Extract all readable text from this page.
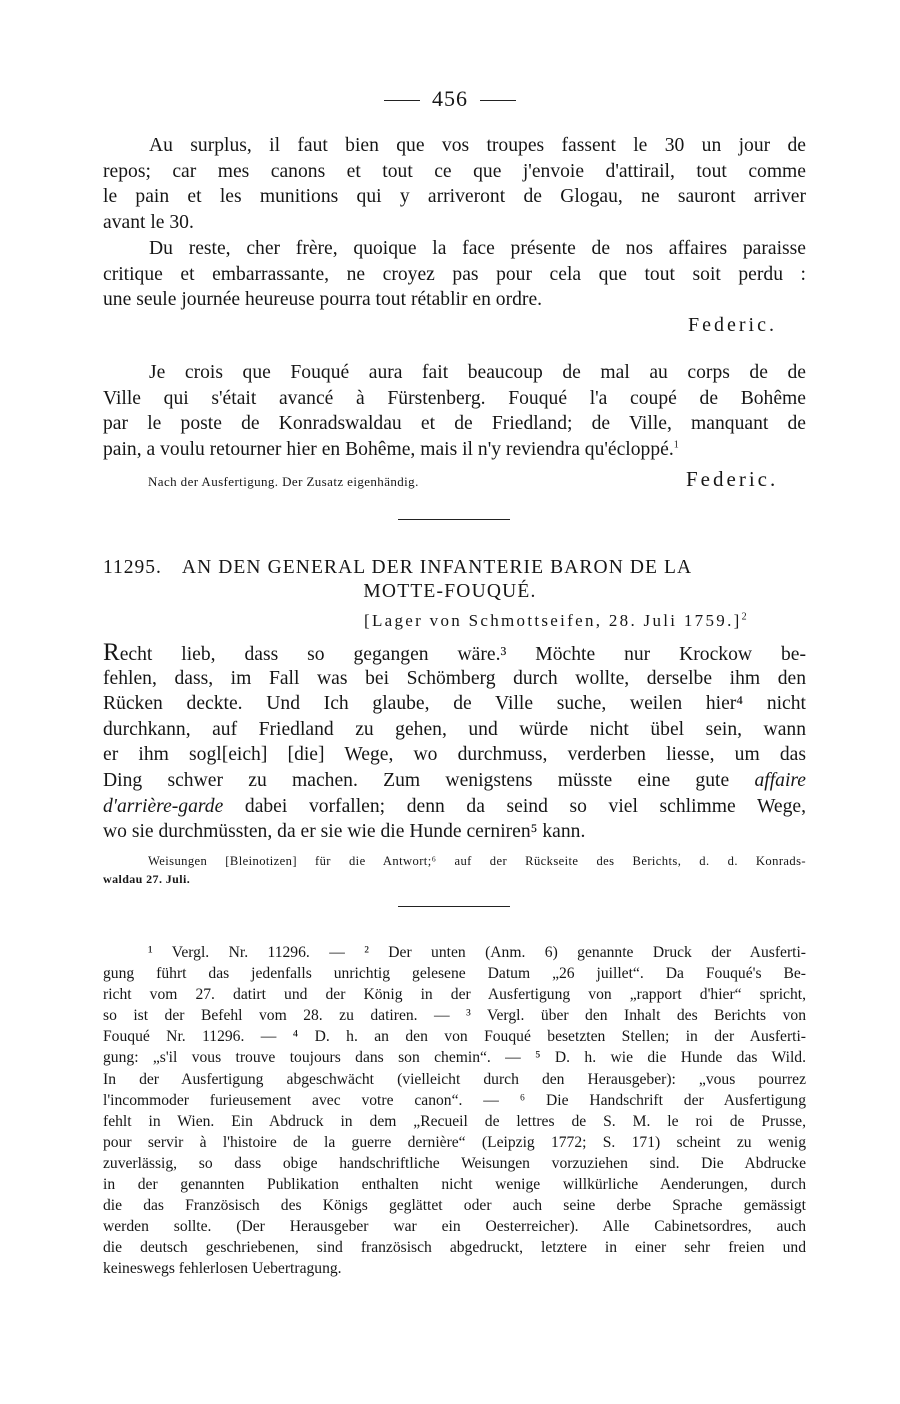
456
Au surplus, il faut bien que vos troupes fassent le 30 un jour de
repos; car mes canons et tout ce que j'envoie d'attirail, tout comme
le pain et les munitions qui y arriveront de Glogau, ne sauront arriver
avant le 30.
Du reste, cher frère, quoique la face présente de nos affaires paraisse
critique et embarrassante, ne croyez pas pour cela que tout soit perdu :
une seule journée heureuse pourra tout rétablir en ordre.
Federic.
Je crois que Fouqué aura fait beaucoup de mal au corps de de
Ville qui s'était avancé à Fürstenberg. Fouqué l'a coupé de Bohême
par le poste de Konradswaldau et de Friedland; de Ville, manquant de
pain, a voulu retourner hier en Bohême, mais il n'y reviendra qu'écloppé.$^1$
Nach der Ausfertigung. Der Zusatz eigenhändig.	Federic.
11295. AN DEN GENERAL DER INFANTERIE BARON DE LA
MOTTE-FOUQUÉ.
[Lager von Schmottseifen, 28. Juli 1759.]$^2$
Recht lieb, dass so gegangen wäre.³ Möchte nur Krockow be-
fehlen, dass, im Fall was bei Schömberg durch wollte, derselbe ihm den
Rücken deckte. Und Ich glaube, de Ville suche, weilen hier⁴ nicht
durchkann, auf Friedland zu gehen, und würde nicht übel sein, wann
er ihm sogl[eich] [die] Wege, wo durchmuss, verderben liesse, um das
Ding schwer zu machen. Zum wenigstens müsste eine gute affaire
d'arrière-garde dabei vorfallen; denn da seind so viel schlimme Wege,
wo sie durchmüssten, da er sie wie die Hunde cerniren⁵ kann.
Weisungen [Bleinotizen] für die Antwort;⁶ auf der Rückseite des Berichts, d. d. Konrads-
waldau 27. Juli.
¹ Vergl. Nr. 11296. — ² Der unten (Anm. 6) genannte Druck der Ausferti-
gung führt das jedenfalls unrichtig gelesene Datum „26 juillet“. Da Fouqué's Be-
richt vom 27. datirt und der König in der Ausfertigung von „rapport d'hier“ spricht,
so ist der Befehl vom 28. zu datiren. — ³ Vergl. über den Inhalt des Berichts von
Fouqué Nr. 11296. — ⁴ D. h. an den von Fouqué besetzten Stellen; in der Ausferti-
gung: „s'il vous trouve toujours dans son chemin“. — ⁵ D. h. wie die Hunde das Wild.
In der Ausfertigung abgeschwächt (vielleicht durch den Herausgeber): „vous pourrez
l'incommoder furieusement avec votre canon“. — ⁶ Die Handschrift der Ausfertigung
fehlt in Wien. Ein Abdruck in dem „Recueil de lettres de S. M. le roi de Prusse,
pour servir à l'histoire de la guerre dernière“ (Leipzig 1772; S. 171) scheint zu wenig
zuverlässig, so dass obige handschriftliche Weisungen vorzuziehen sind. Die Abdrucke
in der genannten Publikation enthalten nicht wenige willkürliche Aenderungen, durch
die das Französisch des Königs geglättet oder auch seine derbe Sprache gemässigt
werden sollte. (Der Herausgeber war ein Oesterreicher). Alle Cabinetsordres, auch
die deutsch geschriebenen, sind französisch abgedruckt, letztere in einer sehr freien und
keineswegs fehlerlosen Uebertragung.
